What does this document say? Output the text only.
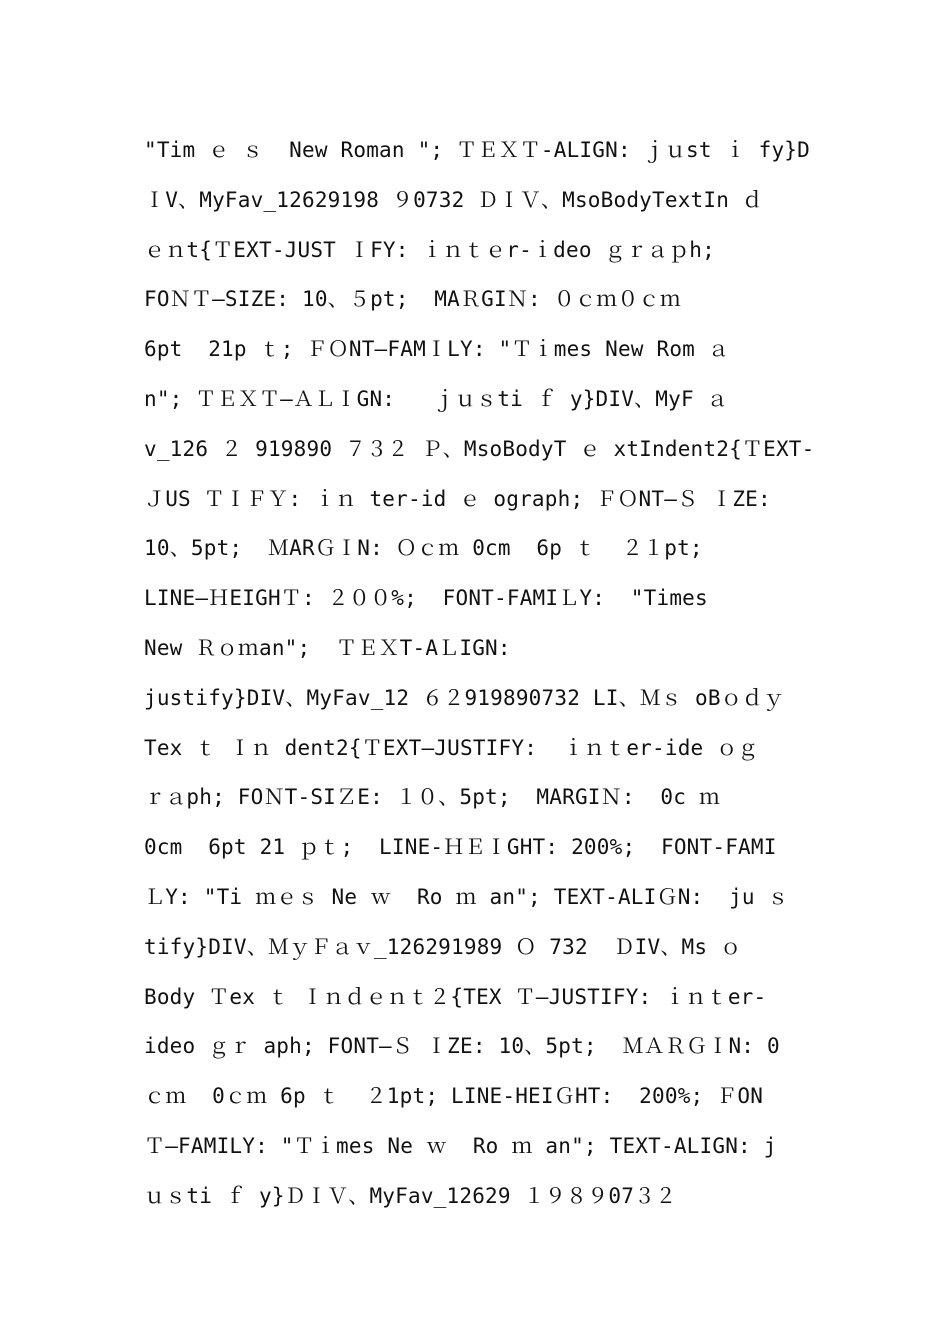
"Tim ｅ ｓ  New Roman "; ＴＥＸＴ-ALIGN: ｊｕst ｉ fy}D
ＩV、MyFav_12629198 ９0732 ＤＩＶ、MsoBodyTextIn ｄ
ｅｎt{ＴEXT-JUST ＩFY: ｉｎｔｅr-ｉdeo ｇｒａｐh;
FOＮＴ—SIZE: 10、５pt;  MAＲGIＮ: ０ｃｍ０ｃｍ
6pt  21p ｔ; ＦＯNT—FAMＩLY: "Ｔｉmes New Rom ａ
n"; ＴＥＸＴ—ＡＬＩGN:   ｊｕｓti ｆ y}DIV、MyF ａ
v_126 ２ 919890 ７３２ Ｐ、MsoBodyT ｅ xtIndent2{ＴEXT-
ＪUS ＴＩＦＹ: ｉｎ ter-id ｅ ograph; ＦＯNT—Ｓ ＩZE:
10、5pt;  ＭARＧＩN: Ｏｃｍ 0cm  6p ｔ  ２１pt;
LINE—ＨEIGHＴ: ２００%;  FONT-FAMIＬY:  "Times
New Ｒｏｍan";  ＴＥＸT-AＬIGN:
justify}DIV、MyFav_12 ６２919890732 LI、Ｍｓ oBｏｄｙ
Tex ｔ Ｉｎ dent2{ＴEXT—JUSTIFY:  ｉｎｔer-ide ｏｇ
ｒａph; FOＮT-SIＺE: １０、5pt;  MARGIＮ:  0c ｍ
0cm  6pt 21 ｐｔ;  LINE-ＨＥＩGHT: 200%;  FONT-FAMI
ＬY: "Ti ｍｅｓ Ne ｗ  Ro ｍ an"; TEXT-ALIＧN:  ju ｓ
tify}DIV、ＭｙＦａｖ_126291989 Ｏ 732  ＤIV、Ms ｏ
Body Ｔex ｔ Ｉｎｄｅｎｔ２{TEX Ｔ—JUSTIFY: ｉｎｔer-
ideo ｇｒ aph; FONT—Ｓ ＩZE: 10、5pt;  ＭＡＲＧＩN: 0
ｃｍ  0ｃｍ 6p ｔ  ２1pt; LINE-HEIＧHT:  200%; ＦON
Ｔ—FAMILY: "Ｔｉmes Ne ｗ  Ro ｍ an"; TEXT-ALIGN: j
ｕｓti ｆ y}ＤＩＶ、MyFav_12629 １９８９07３２
